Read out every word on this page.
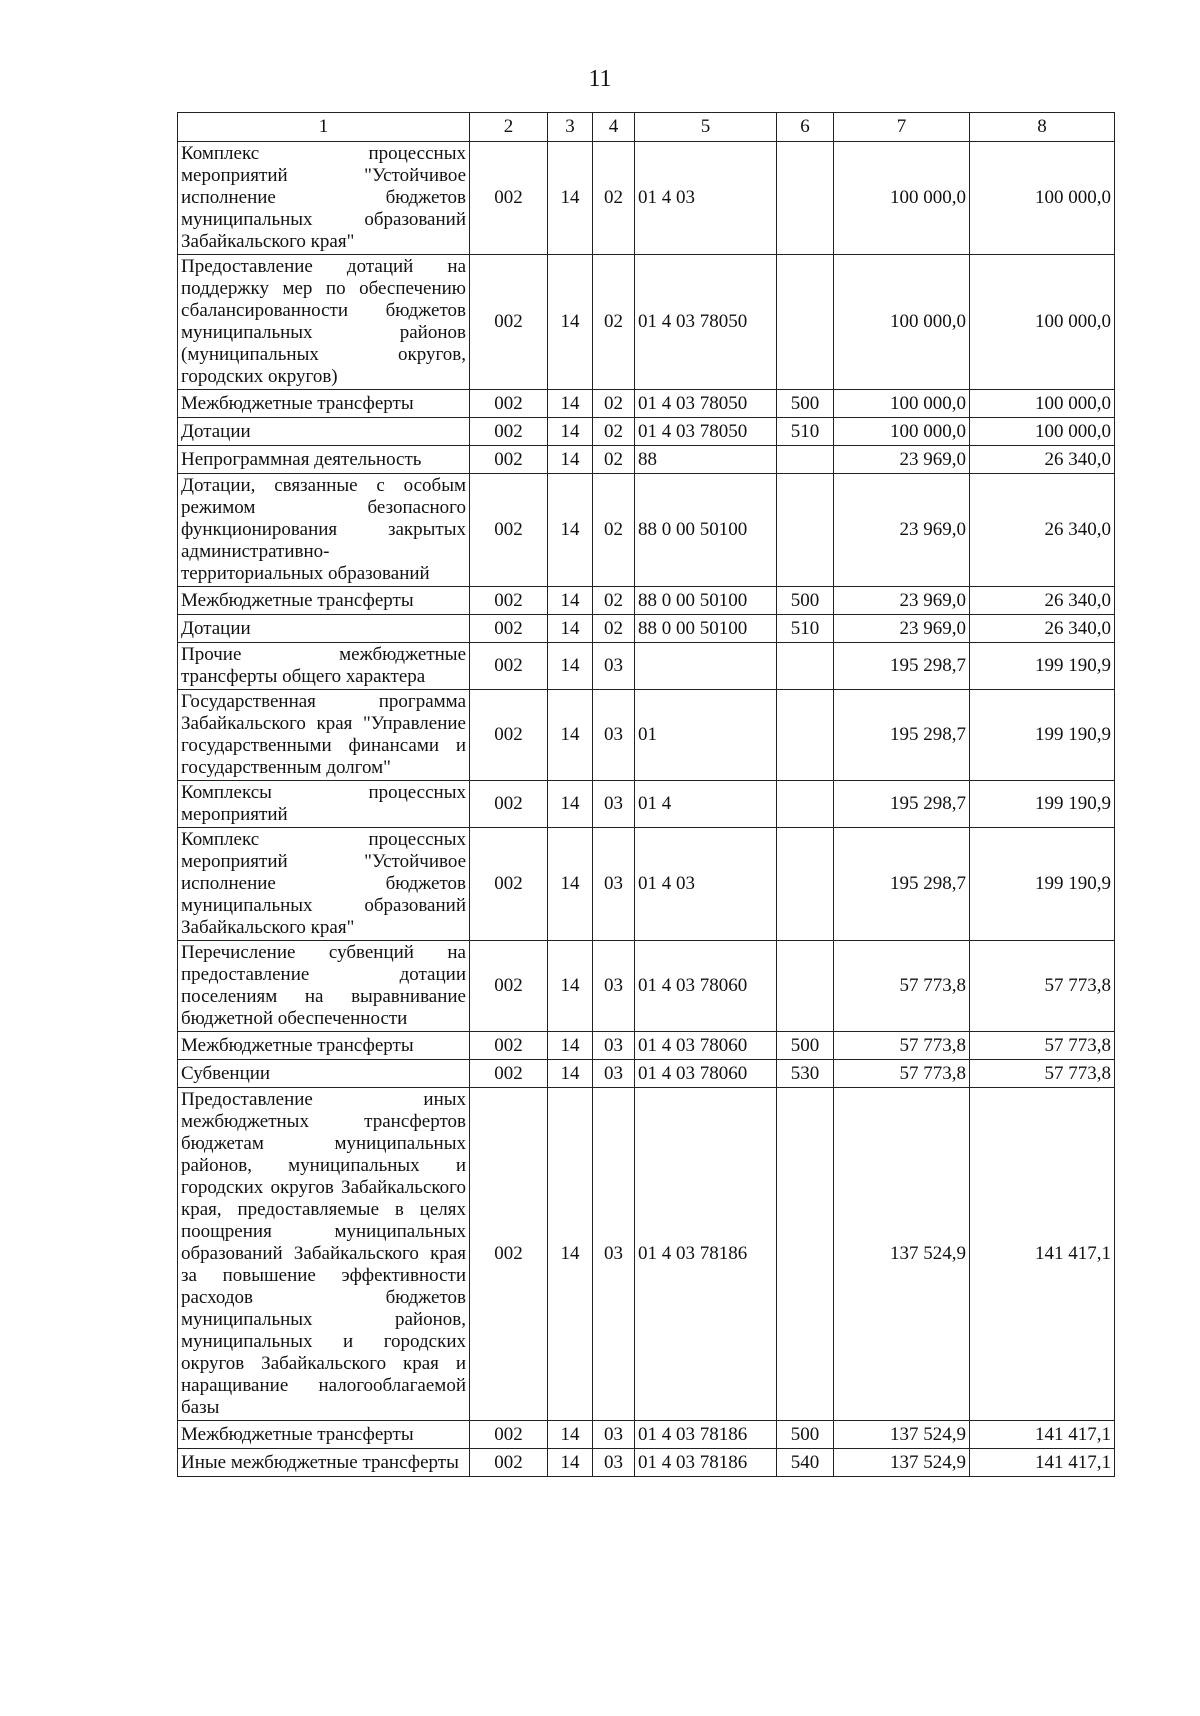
11
1	2	3	4	5	6	7	8
Комплекс процессных мероприятий "Устойчивое исполнение бюджетов муниципальных образований Забайкальского края"	002	14	02	01 4 03		100 000,0	100 000,0
Предоставление дотаций на поддержку мер по обеспечению сбалансированности бюджетов муниципальных районов (муниципальных округов, городских округов)	002	14	02	01 4 03 78050		100 000,0	100 000,0
Межбюджетные трансферты	002	14	02	01 4 03 78050	500	100 000,0	100 000,0
Дотации	002	14	02	01 4 03 78050	510	100 000,0	100 000,0
Непрограммная деятельность	002	14	02	88		23 969,0	26 340,0
Дотации, связанные с особым режимом безопасного функционирования закрытых административно-территориальных образований	002	14	02	88 0 00 50100		23 969,0	26 340,0
Межбюджетные трансферты	002	14	02	88 0 00 50100	500	23 969,0	26 340,0
Дотации	002	14	02	88 0 00 50100	510	23 969,0	26 340,0
Прочие межбюджетные трансферты общего характера	002	14	03			195 298,7	199 190,9
Государственная программа Забайкальского края "Управление государственными финансами и государственным долгом"	002	14	03	01		195 298,7	199 190,9
Комплексы процессных мероприятий	002	14	03	01 4		195 298,7	199 190,9
Комплекс процессных мероприятий "Устойчивое исполнение бюджетов муниципальных образований Забайкальского края"	002	14	03	01 4 03		195 298,7	199 190,9
Перечисление субвенций на предоставление дотации поселениям на выравнивание бюджетной обеспеченности	002	14	03	01 4 03 78060		57 773,8	57 773,8
Межбюджетные трансферты	002	14	03	01 4 03 78060	500	57 773,8	57 773,8
Субвенции	002	14	03	01 4 03 78060	530	57 773,8	57 773,8
Предоставление иных межбюджетных трансфертов бюджетам муниципальных районов, муниципальных и городских округов Забайкальского края, предоставляемые в целях поощрения муниципальных образований Забайкальского края за повышение эффективности расходов бюджетов муниципальных районов, муниципальных и городских округов Забайкальского края и наращивание налогооблагаемой базы	002	14	03	01 4 03 78186		137 524,9	141 417,1
Межбюджетные трансферты	002	14	03	01 4 03 78186	500	137 524,9	141 417,1
Иные межбюджетные трансферты	002	14	03	01 4 03 78186	540	137 524,9	141 417,1
